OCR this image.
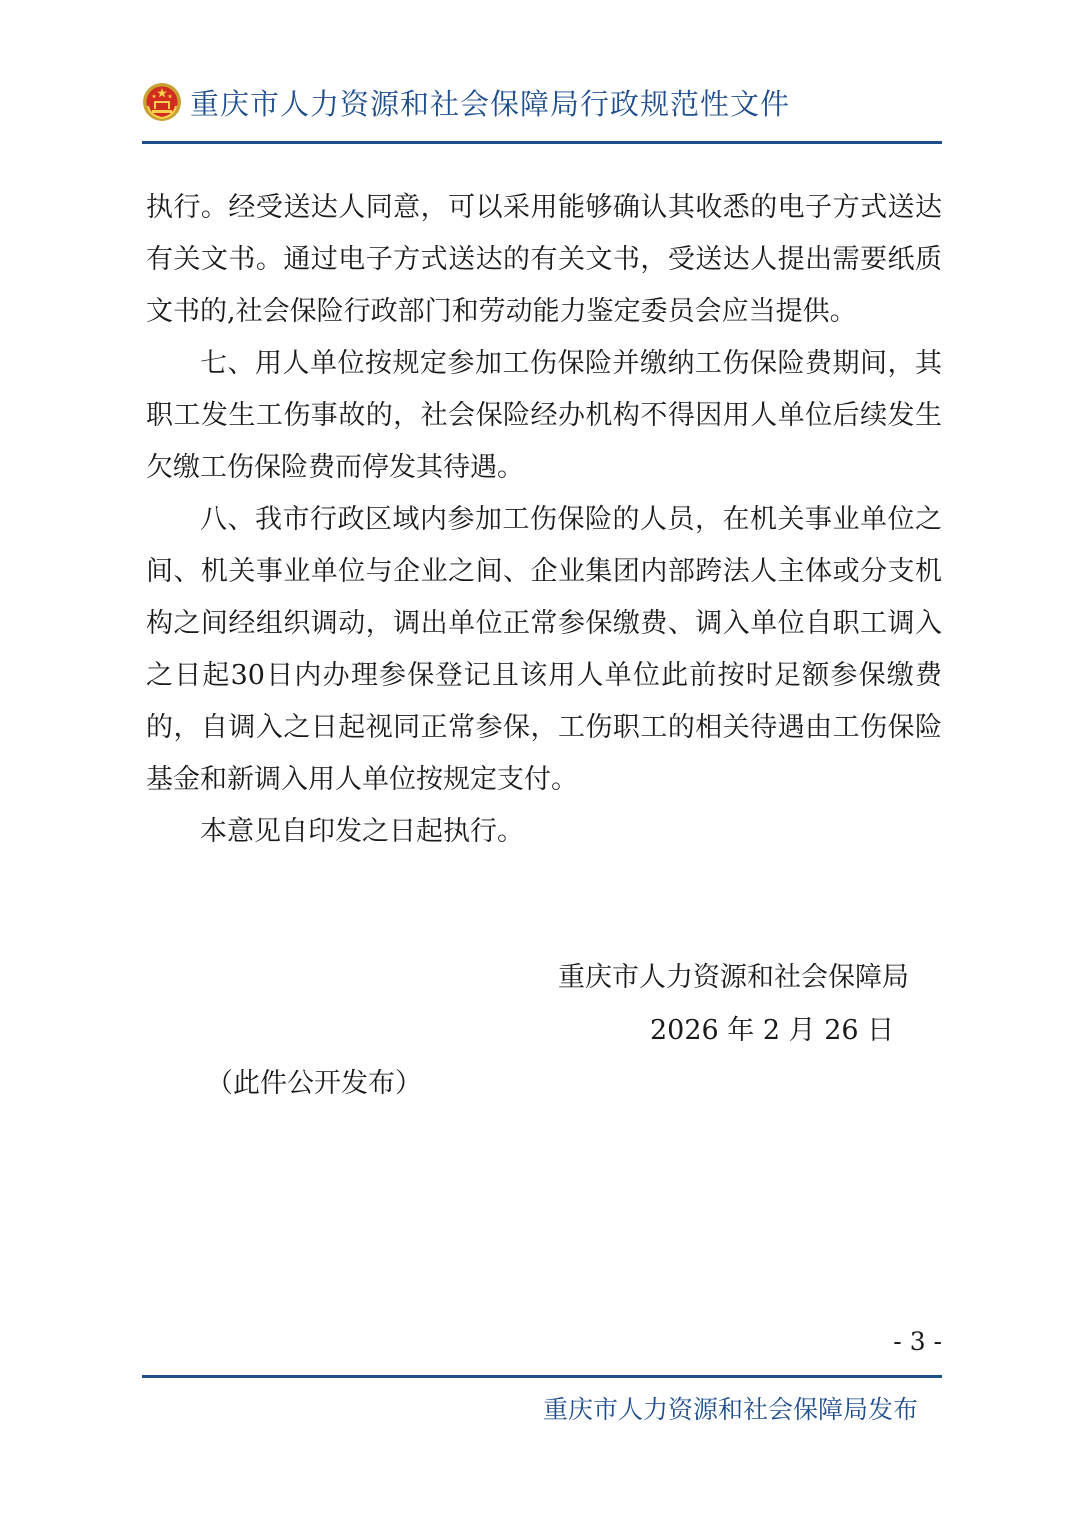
重庆市人力资源和社会保障局行政规范性文件

执行。经受送达人同意，可以采用能够确认其收悉的电子方式送达有关文书。通过电子方式送达的有关文书，受送达人提出需要纸质文书的,社会保险行政部门和劳动能力鉴定委员会应当提供。

七、用人单位按规定参加工伤保险并缴纳工伤保险费期间，其职工发生工伤事故的，社会保险经办机构不得因用人单位后续发生欠缴工伤保险费而停发其待遇。

八、我市行政区域内参加工伤保险的人员，在机关事业单位之间、机关事业单位与企业之间、企业集团内部跨法人主体或分支机构之间经组织调动，调出单位正常参保缴费、调入单位自职工调入之日起30日内办理参保登记且该用人单位此前按时足额参保缴费的，自调入之日起视同正常参保，工伤职工的相关待遇由工伤保险基金和新调入用人单位按规定支付。

本意见自印发之日起执行。

重庆市人力资源和社会保障局
2026 年 2 月 26 日
（此件公开发布）
- 3 -
重庆市人力资源和社会保障局发布
